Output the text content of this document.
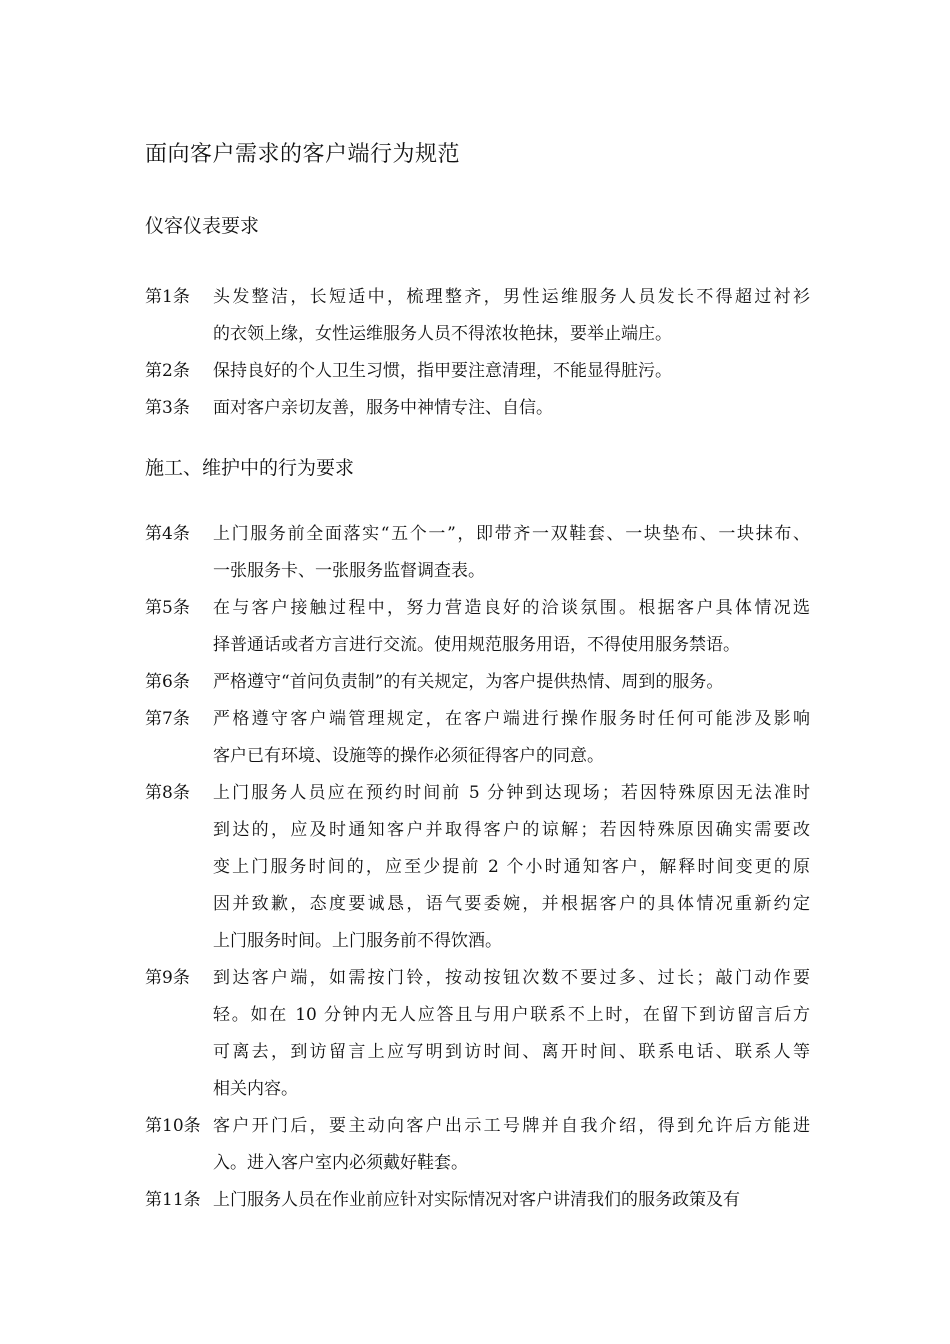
面向客户需求的客户端行为规范
仪容仪表要求
第1条	头发整洁，长短适中，梳理整齐，男性运维服务人员发长不得超过衬衫
的衣领上缘，女性运维服务人员不得浓妆艳抹，要举止端庄。
第2条	保持良好的个人卫生习惯，指甲要注意清理，不能显得脏污。
第3条	面对客户亲切友善，服务中神情专注、自信。
施工、维护中的行为要求
第4条	上门服务前全面落实“五个一”，即带齐一双鞋套、一块垫布、一块抹布、
一张服务卡、一张服务监督调查表。
第5条	在与客户接触过程中，努力营造良好的洽谈氛围。根据客户具体情况选
择普通话或者方言进行交流。使用规范服务用语，不得使用服务禁语。
第6条	严格遵守“首问负责制”的有关规定，为客户提供热情、周到的服务。
第7条	严格遵守客户端管理规定，在客户端进行操作服务时任何可能涉及影响
客户已有环境、设施等的操作必须征得客户的同意。
第8条	上门服务人员应在预约时间前 5 分钟到达现场；若因特殊原因无法准时
到达的，应及时通知客户并取得客户的谅解；若因特殊原因确实需要改
变上门服务时间的，应至少提前 2 个小时通知客户，解释时间变更的原
因并致歉，态度要诚恳，语气要委婉，并根据客户的具体情况重新约定
上门服务时间。上门服务前不得饮酒。
第9条	到达客户端，如需按门铃，按动按钮次数不要过多、过长；敲门动作要
轻。如在 10 分钟内无人应答且与用户联系不上时，在留下到访留言后方
可离去，到访留言上应写明到访时间、离开时间、联系电话、联系人等
相关内容。
第10条 客户开门后，要主动向客户出示工号牌并自我介绍，得到允许后方能进
入。进入客户室内必须戴好鞋套。
第11条 上门服务人员在作业前应针对实际情况对客户讲清我们的服务政策及有
